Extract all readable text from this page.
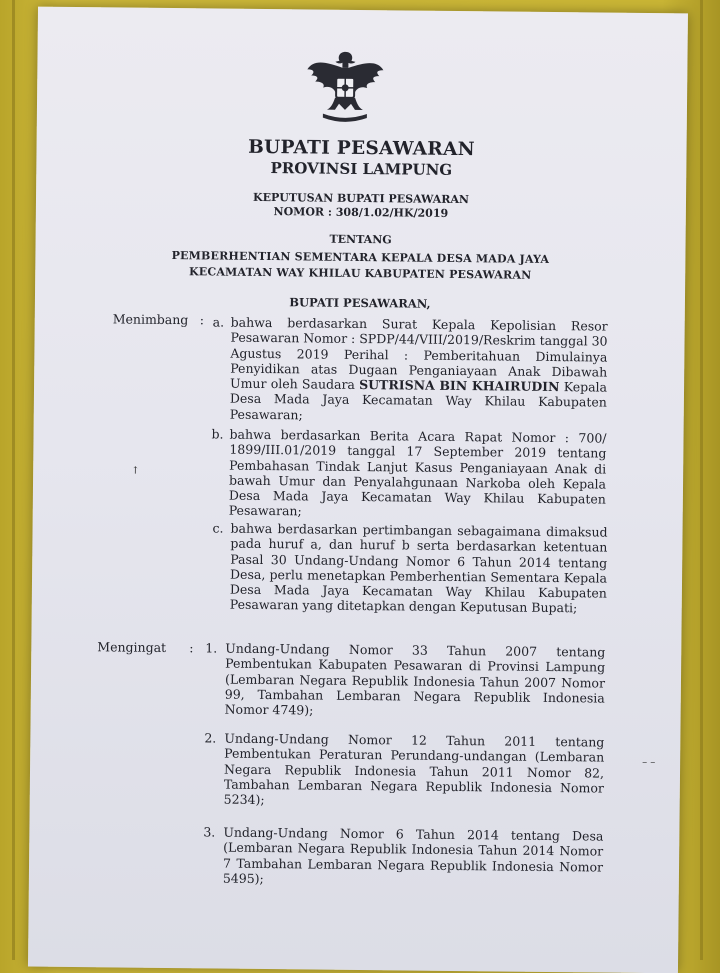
BUPATI PESAWARAN
PROVINSI LAMPUNG
KEPUTUSAN BUPATI PESAWARAN
NOMOR : 308/1.02/HK/2019
TENTANG
PEMBERHENTIAN SEMENTARA KEPALA DESA MADA JAYA
KECAMATAN WAY KHILAU KABUPATEN PESAWARAN
BUPATI PESAWARAN,
Menimbang : a. bahwa berdasarkan Surat Kepala Kepolisian Resor Pesawaran Nomor : SPDP/44/VIII/2019/Reskrim tanggal 30 Agustus 2019 Perihal : Pemberitahuan Dimulainya Penyidikan atas Dugaan Penganiayaan Anak Dibawah Umur oleh Saudara SUTRISNA BIN KHAIRUDIN Kepala Desa Mada Jaya Kecamatan Way Khilau Kabupaten Pesawaran;
b. bahwa berdasarkan Berita Acara Rapat Nomor : 700/ 1899/III.01/2019 tanggal 17 September 2019 tentang Pembahasan Tindak Lanjut Kasus Penganiayaan Anak di bawah Umur dan Penyalahgunaan Narkoba oleh Kepala Desa Mada Jaya Kecamatan Way Khilau Kabupaten Pesawaran;
↑
c. bahwa berdasarkan pertimbangan sebagaimana dimaksud pada huruf a, dan huruf b serta berdasarkan ketentuan Pasal 30 Undang-Undang Nomor 6 Tahun 2014 tentang Desa, perlu menetapkan Pemberhentian Sementara Kepala Desa Mada Jaya Kecamatan Way Khilau Kabupaten Pesawaran yang ditetapkan dengan Keputusan Bupati;
Mengingat : 1. Undang-Undang Nomor 33 Tahun 2007 tentang Pembentukan Kabupaten Pesawaran di Provinsi Lampung (Lembaran Negara Republik Indonesia Tahun 2007 Nomor 99, Tambahan Lembaran Negara Republik Indonesia Nomor 4749);
2. Undang-Undang Nomor 12 Tahun 2011 tentang Pembentukan Peraturan Perundang-undangan (Lembaran Negara Republik Indonesia Tahun 2011 Nomor 82, Tambahan Lembaran Negara Republik Indonesia Nomor 5234);
– –
3. Undang-Undang Nomor 6 Tahun 2014 tentang Desa (Lembaran Negara Republik Indonesia Tahun 2014 Nomor 7 Tambahan Lembaran Negara Republik Indonesia Nomor 5495);
